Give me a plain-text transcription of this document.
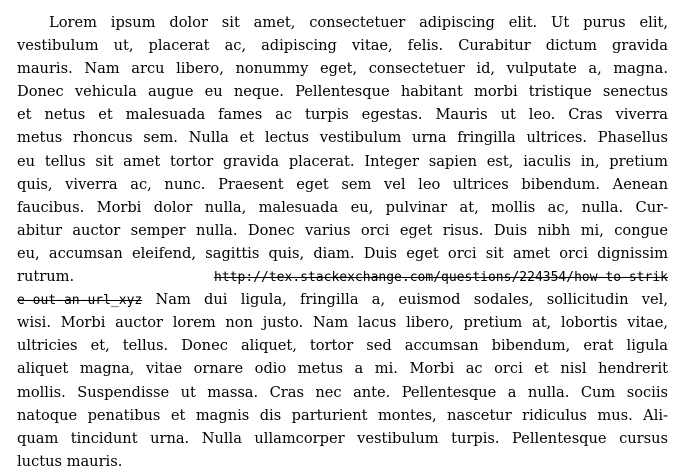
Lorem ipsum dolor sit amet, consectetuer adipiscing elit. Ut purus elit,
vestibulum ut, placerat ac, adipiscing vitae, felis. Curabitur dictum gravida
mauris. Nam arcu libero, nonummy eget, consectetuer id, vulputate a, magna.
Donec vehicula augue eu neque. Pellentesque habitant morbi tristique senectus
et netus et malesuada fames ac turpis egestas. Mauris ut leo. Cras viverra
metus rhoncus sem. Nulla et lectus vestibulum urna fringilla ultrices. Phasellus
eu tellus sit amet tortor gravida placerat. Integer sapien est, iaculis in, pretium
quis, viverra ac, nunc. Praesent eget sem vel leo ultrices bibendum. Aenean
faucibus. Morbi dolor nulla, malesuada eu, pulvinar at, mollis ac, nulla. Cur-
abitur auctor semper nulla. Donec varius orci eget risus. Duis nibh mi, congue
eu, accumsan eleifend, sagittis quis, diam. Duis eget orci sit amet orci dignissim
rutrum.	http://tex.stackexchange.com/questions/224354/how-to-strik
e-out-an-url_xyz Nam dui ligula, fringilla a, euismod sodales, sollicitudin vel,
wisi. Morbi auctor lorem non justo. Nam lacus libero, pretium at, lobortis vitae,
ultricies et, tellus. Donec aliquet, tortor sed accumsan bibendum, erat ligula
aliquet magna, vitae ornare odio metus a mi. Morbi ac orci et nisl hendrerit
mollis. Suspendisse ut massa. Cras nec ante. Pellentesque a nulla. Cum sociis
natoque penatibus et magnis dis parturient montes, nascetur ridiculus mus. Ali-
quam tincidunt urna. Nulla ullamcorper vestibulum turpis. Pellentesque cursus
luctus mauris.
